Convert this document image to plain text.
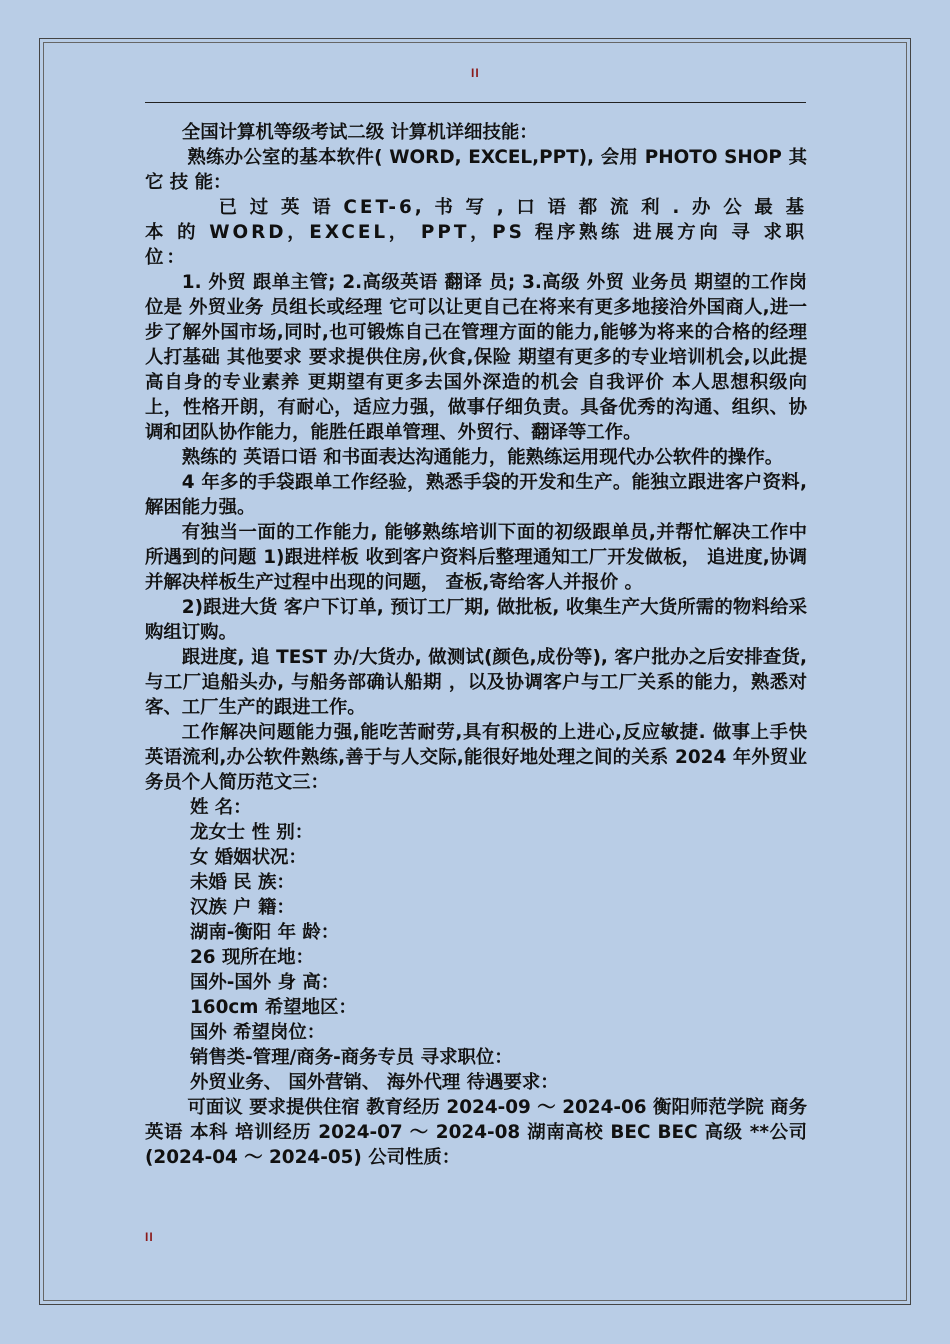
II

全国计算机等级考试二级 计算机详细技能：

熟练办公室的基本软件( WORD, EXCEL,PPT), 会用 PHOTO SHOP 其 它 技 能：

已 过 英 语 CET-6, 书 写 , 口 语 都 流 利 . 办 公 最 基 本 的 WORD，EXCEL， PPT，PS 程序熟练 进展方向 寻 求职 位：

1. 外贸 跟单主管; 2.高级英语 翻译 员; 3.高级 外贸 业务员 期望的工作岗位是 外贸业务 员组长或经理 它可以让更自己在将来有更多地接洽外国商人,进一步了解外国市场,同时,也可锻炼自己在管理方面的能力,能够为将来的合格的经理人打基础 其他要求 要求提供住房,伙食,保险 期望有更多的专业培训机会,以此提高自身的专业素养 更期望有更多去国外深造的机会 自我评价 本人思想积级向上，性格开朗，有耐心，适应力强，做事仔细负责。具备优秀的沟通、组织、协调和团队协作能力，能胜任跟单管理、外贸行、翻译等工作。

熟练的 英语口语 和书面表达沟通能力，能熟练运用现代办公软件的操作。

4 年多的手袋跟单工作经验，熟悉手袋的开发和生产。能独立跟进客户资料,解困能力强。

有独当一面的工作能力, 能够熟练培训下面的初级跟单员,并帮忙解决工作中所遇到的问题 1)跟进样板 收到客户资料后整理通知工厂开发做板， 追进度,协调并解决样板生产过程中出现的问题， 查板,寄给客人并报价 。

2)跟进大货 客户下订单, 预订工厂期, 做批板, 收集生产大货所需的物料给采购组订购。

跟进度, 追 TEST 办/大货办, 做测试(颜色,成份等), 客户批办之后安排查货, 与工厂追船头办, 与船务部确认船期 ，以及协调客户与工厂关系的能力，熟悉对客、工厂生产的跟进工作。

工作解决问题能力强,能吃苦耐劳,具有积极的上进心,反应敏捷. 做事上手快 英语流利,办公软件熟练,善于与人交际,能很好地处理之间的关系 2024 年外贸业务员个人简历范文三：

姓 名：

龙女士 性 别：

女 婚姻状况：

未婚 民 族：

汉族 户 籍：

湖南-衡阳 年 龄：

26 现所在地：

国外-国外 身 高：

160cm 希望地区：

国外 希望岗位：

销售类-管理/商务-商务专员 寻求职位：

外贸业务、 国外营销、 海外代理 待遇要求：

可面议 要求提供住宿 教育经历 2024-09 ～ 2024-06 衡阳师范学院 商务英语 本科 培训经历 2024-07 ～ 2024-08 湖南高校 BEC BEC 高级 **公司 (2024-04 ～ 2024-05) 公司性质：

II
